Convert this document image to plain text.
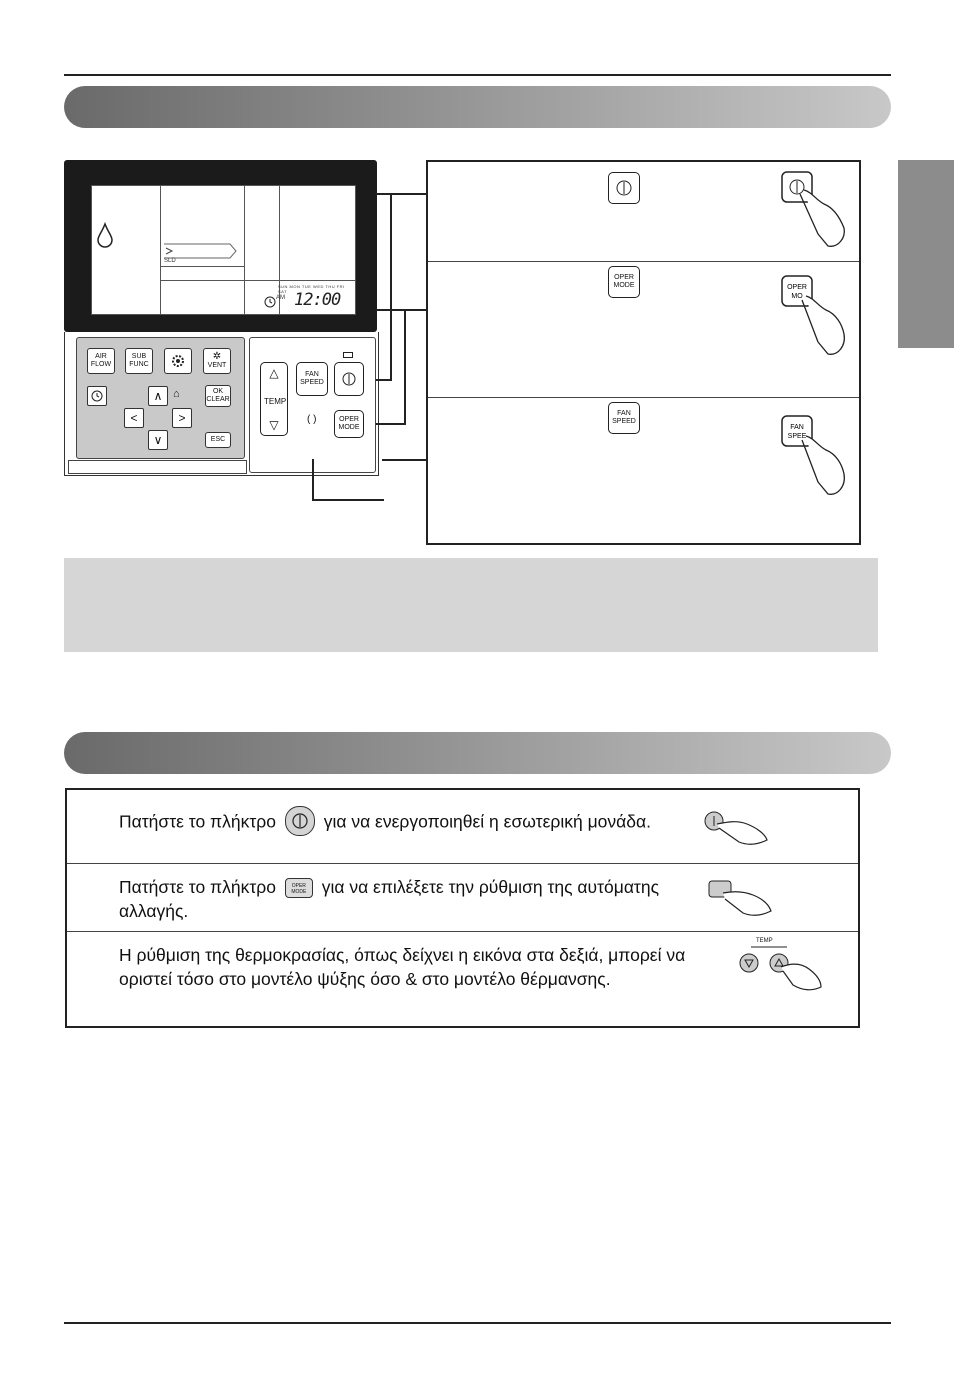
SLD
SUN MON TUE WED THU FRI SAT
AM 12:00
AIR
FLOW
SUB
FUNC
✲
VENT
∧ ⌂	OK
CLEAR
<	>
∨	ESC
△
▽
TEMP
FAN
SPEED
( )	OPER
MODE
OPER
MODE	OPER
MO
FAN
SPEED
FAN
SPEE
Πατήστε το πλήκτρο	για να ενεργοποιηθεί η εσωτερική μονάδα.
Πατήστε το πλήκτρο	OPER
MODE για να επιλέξετε την ρύθμιση της αυτόματης αλλαγής.
Η ρύθμιση της θερμοκρασίας, όπως δείχνει η εικόνα στα δεξιά, μπορεί να οριστεί τόσο στο μοντέλο ψύξης όσο & στο μοντέλο θέρμανσης.
TEMP
